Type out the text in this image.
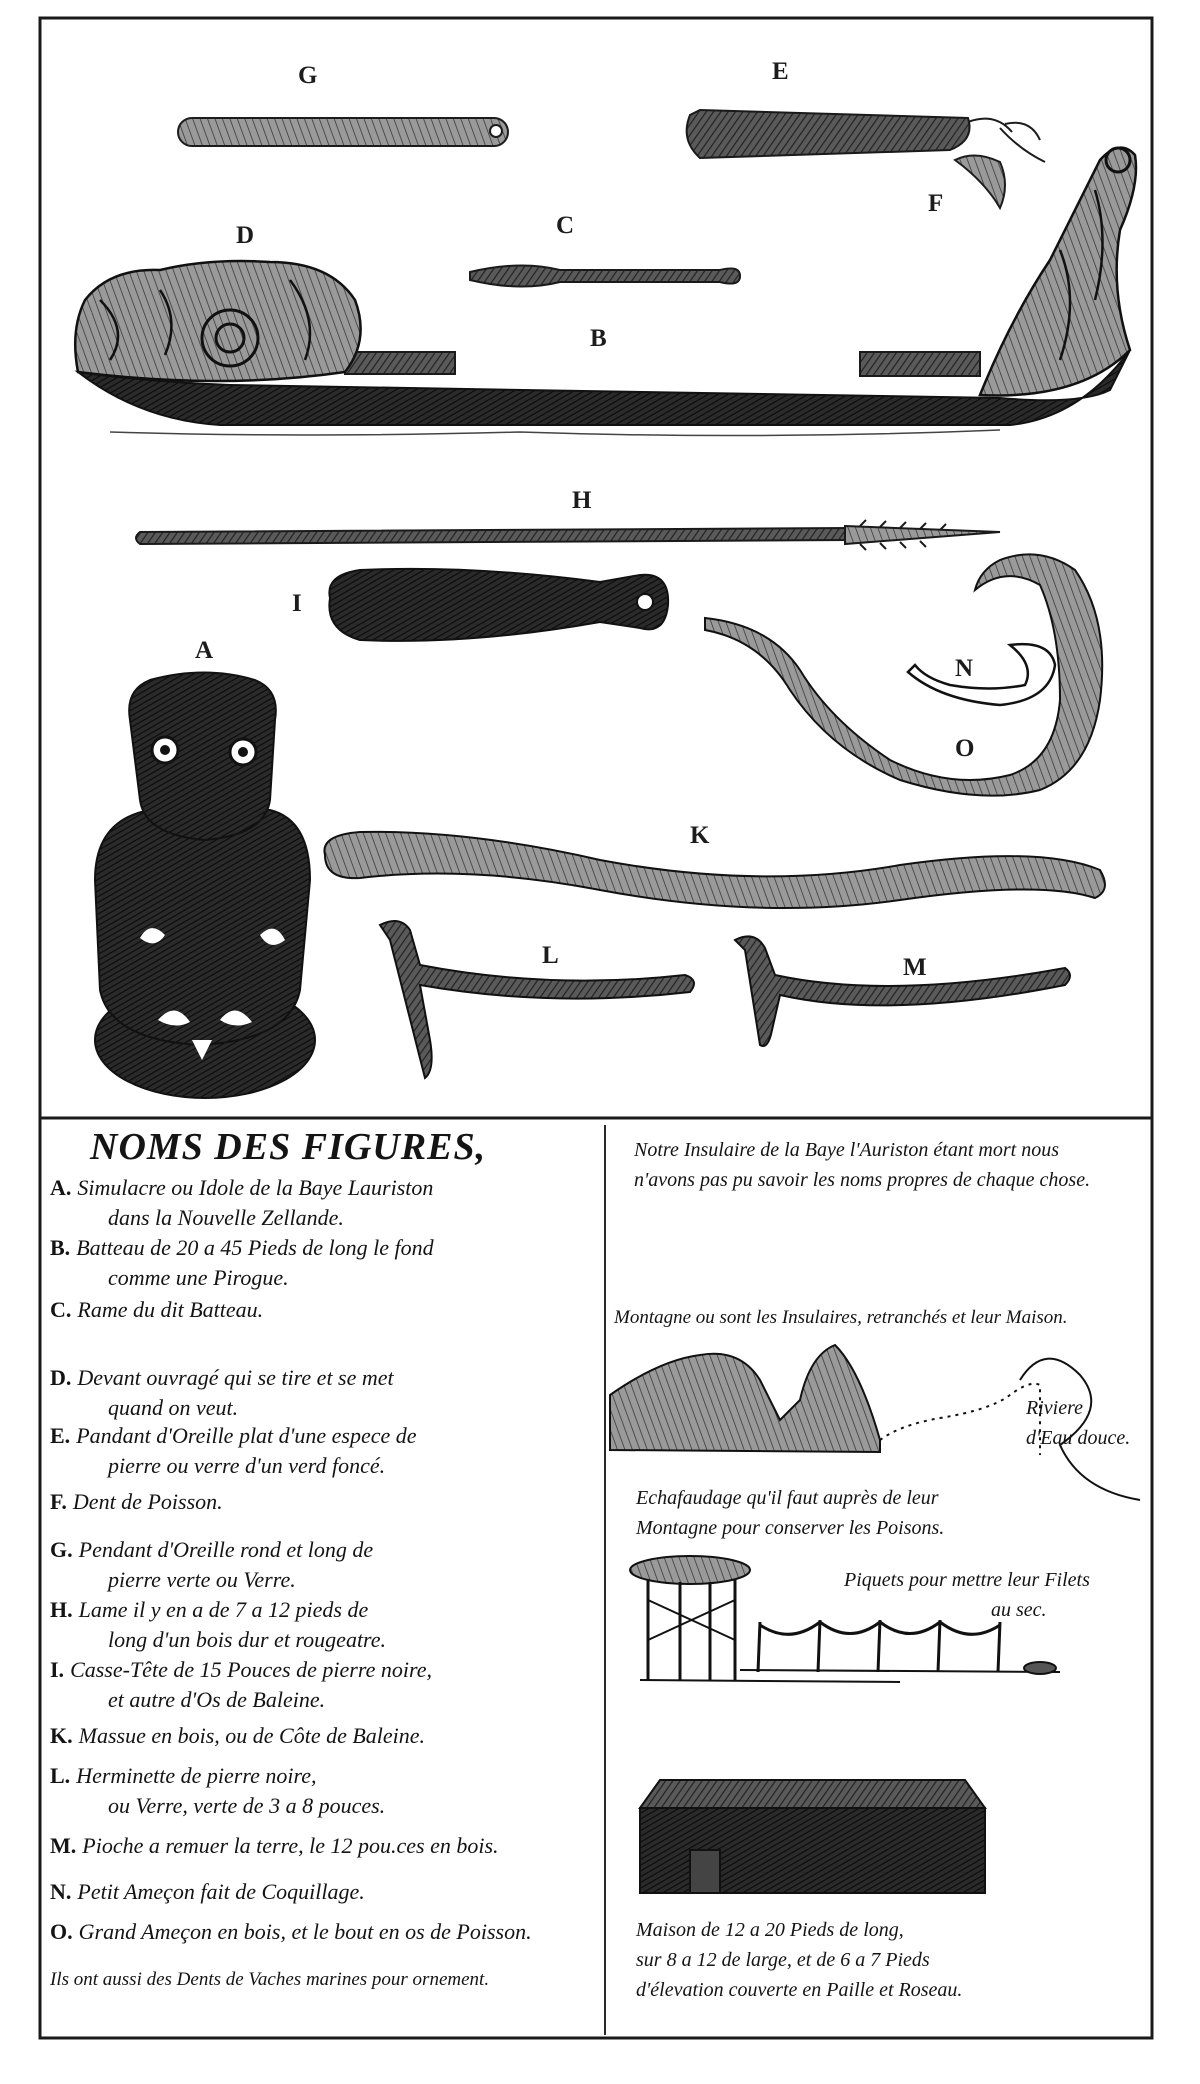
G	E
F
D	C
B
H
I
A
N
O
K
L	M
NOMS DES FIGURES,
A. Simulacre ou Idole de la Baye Lauriston
dans la Nouvelle Zellande.
B. Batteau de 20 a 45 Pieds de long le fond
comme une Pirogue.
C. Rame du dit Batteau.
D. Devant ouvragé qui se tire et se met
quand on veut.
E. Pandant d'Oreille plat d'une espece de
pierre ou verre d'un verd foncé.
F. Dent de Poisson.
G. Pendant d'Oreille rond et long de
pierre verte ou Verre.
H. Lame il y en a de 7 a 12 pieds de
long d'un bois dur et rougeatre.
I. Casse-Tête de 15 Pouces de pierre noire,
et autre d'Os de Baleine.
K. Massue en bois, ou de Côte de Baleine.
L. Herminette de pierre noire,
ou Verre, verte de 3 a 8 pouces.
M. Pioche a remuer la terre, le 12 pou.ces en bois.
N. Petit Ameçon fait de Coquillage.
O. Grand Ameçon en bois, et le bout en os de Poisson.
Ils ont aussi des Dents de Vaches marines pour ornement.
Notre Insulaire de la Baye l'Auriston étant mort nous
n'avons pas pu savoir les noms propres de chaque chose.
Montagne ou sont les Insulaires, retranchés et leur Maison.
Riviere
d'Eau douce.
Echafaudage qu'il faut auprès de leur
Montagne pour conserver les Poisons.
Piquets pour mettre leur Filets
au sec.
Maison de 12 a 20 Pieds de long,
sur 8 a 12 de large, et de 6 a 7 Pieds
d'élevation couverte en Paille et Roseau.
